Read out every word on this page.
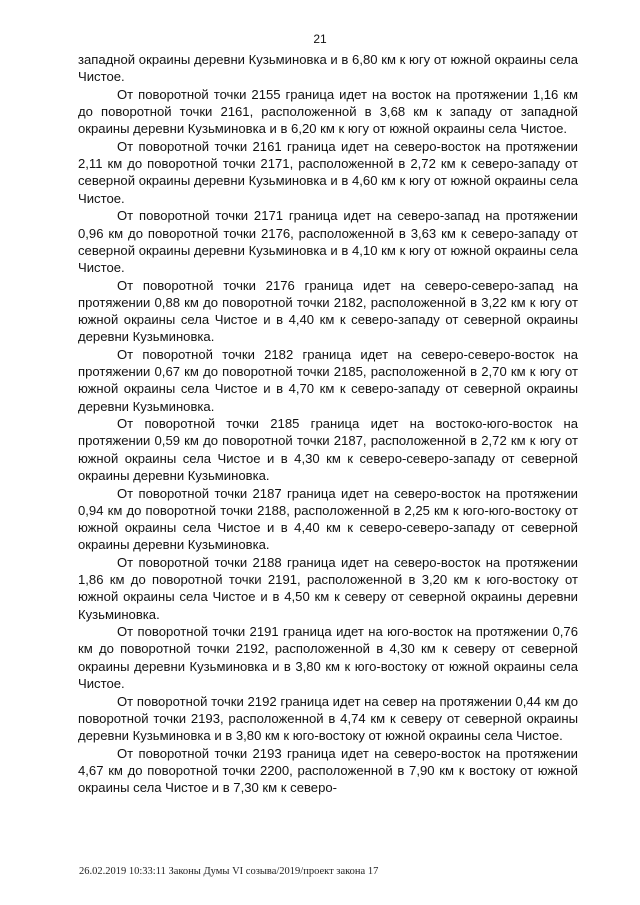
21

западной окраины деревни Кузьминовка и в 6,80 км к югу от южной окраины села Чистое.

От поворотной точки 2155 граница идет на восток на протяжении 1,16 км до поворотной точки 2161, расположенной в 3,68 км к западу от западной окраины деревни Кузьминовка и в 6,20 км к югу от южной окраины села Чистое.

От поворотной точки 2161 граница идет на северо-восток на протяжении 2,11 км до поворотной точки 2171, расположенной в 2,72 км к северо-западу от северной окраины деревни Кузьминовка и в 4,60 км к югу от южной окраины села Чистое.

От поворотной точки 2171 граница идет на северо-запад на протяжении 0,96 км до поворотной точки 2176, расположенной в 3,63 км к северо-западу от северной окраины деревни Кузьминовка и в 4,10 км к югу от южной окраины села Чистое.

От поворотной точки 2176 граница идет на северо-северо-запад на протяжении 0,88 км до поворотной точки 2182, расположенной в 3,22 км к югу от южной окраины села Чистое и в 4,40 км к северо-западу от северной окраины деревни Кузьминовка.

От поворотной точки 2182 граница идет на северо-северо-восток на протяжении 0,67 км до поворотной точки 2185, расположенной в 2,70 км к югу от южной окраины села Чистое и в 4,70 км к северо-западу от северной окраины деревни Кузьминовка.

От поворотной точки 2185 граница идет на востоко-юго-восток на протяжении 0,59 км до поворотной точки 2187, расположенной в 2,72 км к югу от южной окраины села Чистое и в 4,30 км к северо-северо-западу от северной окраины деревни Кузьминовка.

От поворотной точки 2187 граница идет на северо-восток на протяжении 0,94 км до поворотной точки 2188, расположенной в 2,25 км к юго-юго-востоку от южной окраины села Чистое и в 4,40 км к северо-северо-западу от северной окраины деревни Кузьминовка.

От поворотной точки 2188 граница идет на северо-восток на протяжении 1,86 км до поворотной точки 2191, расположенной в 3,20 км к юго-востоку от южной окраины села Чистое и в 4,50 км к северу от северной окраины деревни Кузьминовка.

От поворотной точки 2191 граница идет на юго-восток на протяжении 0,76 км до поворотной точки 2192, расположенной в 4,30 км к северу от северной окраины деревни Кузьминовка и в 3,80 км к юго-востоку от южной окраины села Чистое.

От поворотной точки 2192 граница идет на север на протяжении 0,44 км до поворотной точки 2193, расположенной в 4,74 км к северу от северной окраины деревни Кузьминовка и в 3,80 км к юго-востоку от южной окраины села Чистое.

От поворотной точки 2193 граница идет на северо-восток на протяжении 4,67 км до поворотной точки 2200, расположенной в 7,90 км к востоку от южной окраины села Чистое и в 7,30 км к северо-

26.02.2019 10:33:11 Законы Думы VI созыва/2019/проект закона 17
